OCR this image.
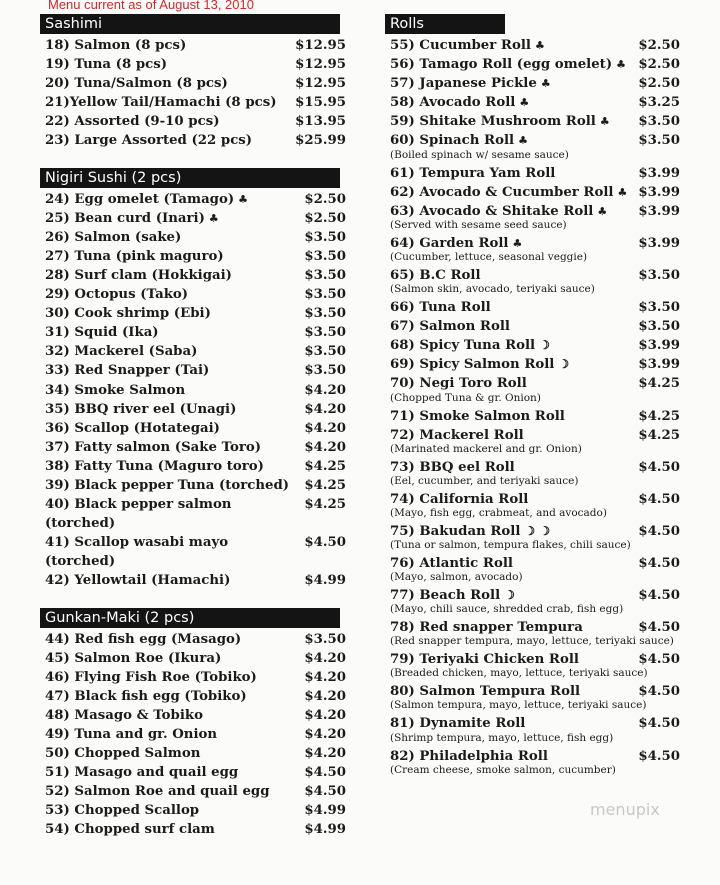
Menu current as of August 13, 2010
Sashimi
18) Salmon (8 pcs)	$12.95
19) Tuna (8 pcs)	$12.95
20) Tuna/Salmon (8 pcs)	$12.95
21)Yellow Tail/Hamachi (8 pcs) $15.95
22) Assorted (9-10 pcs)	$13.95
23) Large Assorted (22 pcs)	$25.99
Nigiri Sushi (2 pcs)
24) Egg omelet (Tamago) ♣	$2.50
25) Bean curd (Inari) ♣	$2.50
26) Salmon (sake)	$3.50
27) Tuna (pink maguro)	$3.50
28) Surf clam (Hokkigai)	$3.50
29) Octopus (Tako)	$3.50
30) Cook shrimp (Ebi)	$3.50
31) Squid (Ika)	$3.50
32) Mackerel (Saba)	$3.50
33) Red Snapper (Tai)	$3.50
34) Smoke Salmon	$4.20
35) BBQ river eel (Unagi)	$4.20
36) Scallop (Hotategai)	$4.20
37) Fatty salmon (Sake Toro)	$4.20
38) Fatty Tuna (Maguro toro)	$4.25
39) Black pepper Tuna (torched)	$4.25
40) Black pepper salmon (torched)
$4.25
41) Scallop wasabi mayo (torched)
$4.50
42) Yellowtail (Hamachi)	$4.99
Gunkan-Maki (2 pcs)
44) Red fish egg (Masago)	$3.50
45) Salmon Roe (Ikura)	$4.20
46) Flying Fish Roe (Tobiko)	$4.20
47) Black fish egg (Tobiko)	$4.20
48) Masago & Tobiko	$4.20
49) Tuna and gr. Onion	$4.20
50) Chopped Salmon	$4.20
51) Masago and quail egg	$4.50
52) Salmon Roe and quail egg	$4.50
53) Chopped Scallop	$4.99
54) Chopped surf clam	$4.99
Rolls
55) Cucumber Roll ♣	$2.50
56) Tamago Roll (egg omelet) ♣ $2.50
57) Japanese Pickle ♣	$2.50
58) Avocado Roll ♣	$3.25
59) Shitake Mushroom Roll ♣	$3.50
60) Spinach Roll ♣	$3.50
(Boiled spinach w/ sesame sauce)
61) Tempura Yam Roll	$3.99
62) Avocado & Cucumber Roll ♣ $3.99
63) Avocado & Shitake Roll ♣	$3.99
(Served with sesame seed sauce)
64) Garden Roll ♣	$3.99
(Cucumber, lettuce, seasonal veggie)
65) B.C Roll	$3.50
(Salmon skin, avocado, teriyaki sauce)
66) Tuna Roll	$3.50
67) Salmon Roll	$3.50
68) Spicy Tuna Roll ☽	$3.99
69) Spicy Salmon Roll ☽	$3.99
70) Negi Toro Roll	$4.25
(Chopped Tuna & gr. Onion)
71) Smoke Salmon Roll	$4.25
72) Mackerel Roll	$4.25
(Marinated mackerel and gr. Onion)
73) BBQ eel Roll	$4.50
(Eel, cucumber, and teriyaki sauce)
74) California Roll	$4.50
(Mayo, fish egg, crabmeat, and avocado)
75) Bakudan Roll ☽ ☽	$4.50
(Tuna or salmon, tempura flakes, chili sauce)
76) Atlantic Roll	$4.50
(Mayo, salmon, avocado)
77) Beach Roll ☽	$4.50
(Mayo, chili sauce, shredded crab, fish egg)
78) Red snapper Tempura	$4.50
(Red snapper tempura, mayo, lettuce, teriyaki sauce)
79) Teriyaki Chicken Roll	$4.50
(Breaded chicken, mayo, lettuce, teriyaki sauce)
80) Salmon Tempura Roll	$4.50
(Salmon tempura, mayo, lettuce, teriyaki sauce)
81) Dynamite Roll	$4.50
(Shrimp tempura, mayo, lettuce, fish egg)
82) Philadelphia Roll	$4.50
(Cream cheese, smoke salmon, cucumber)
menupix
